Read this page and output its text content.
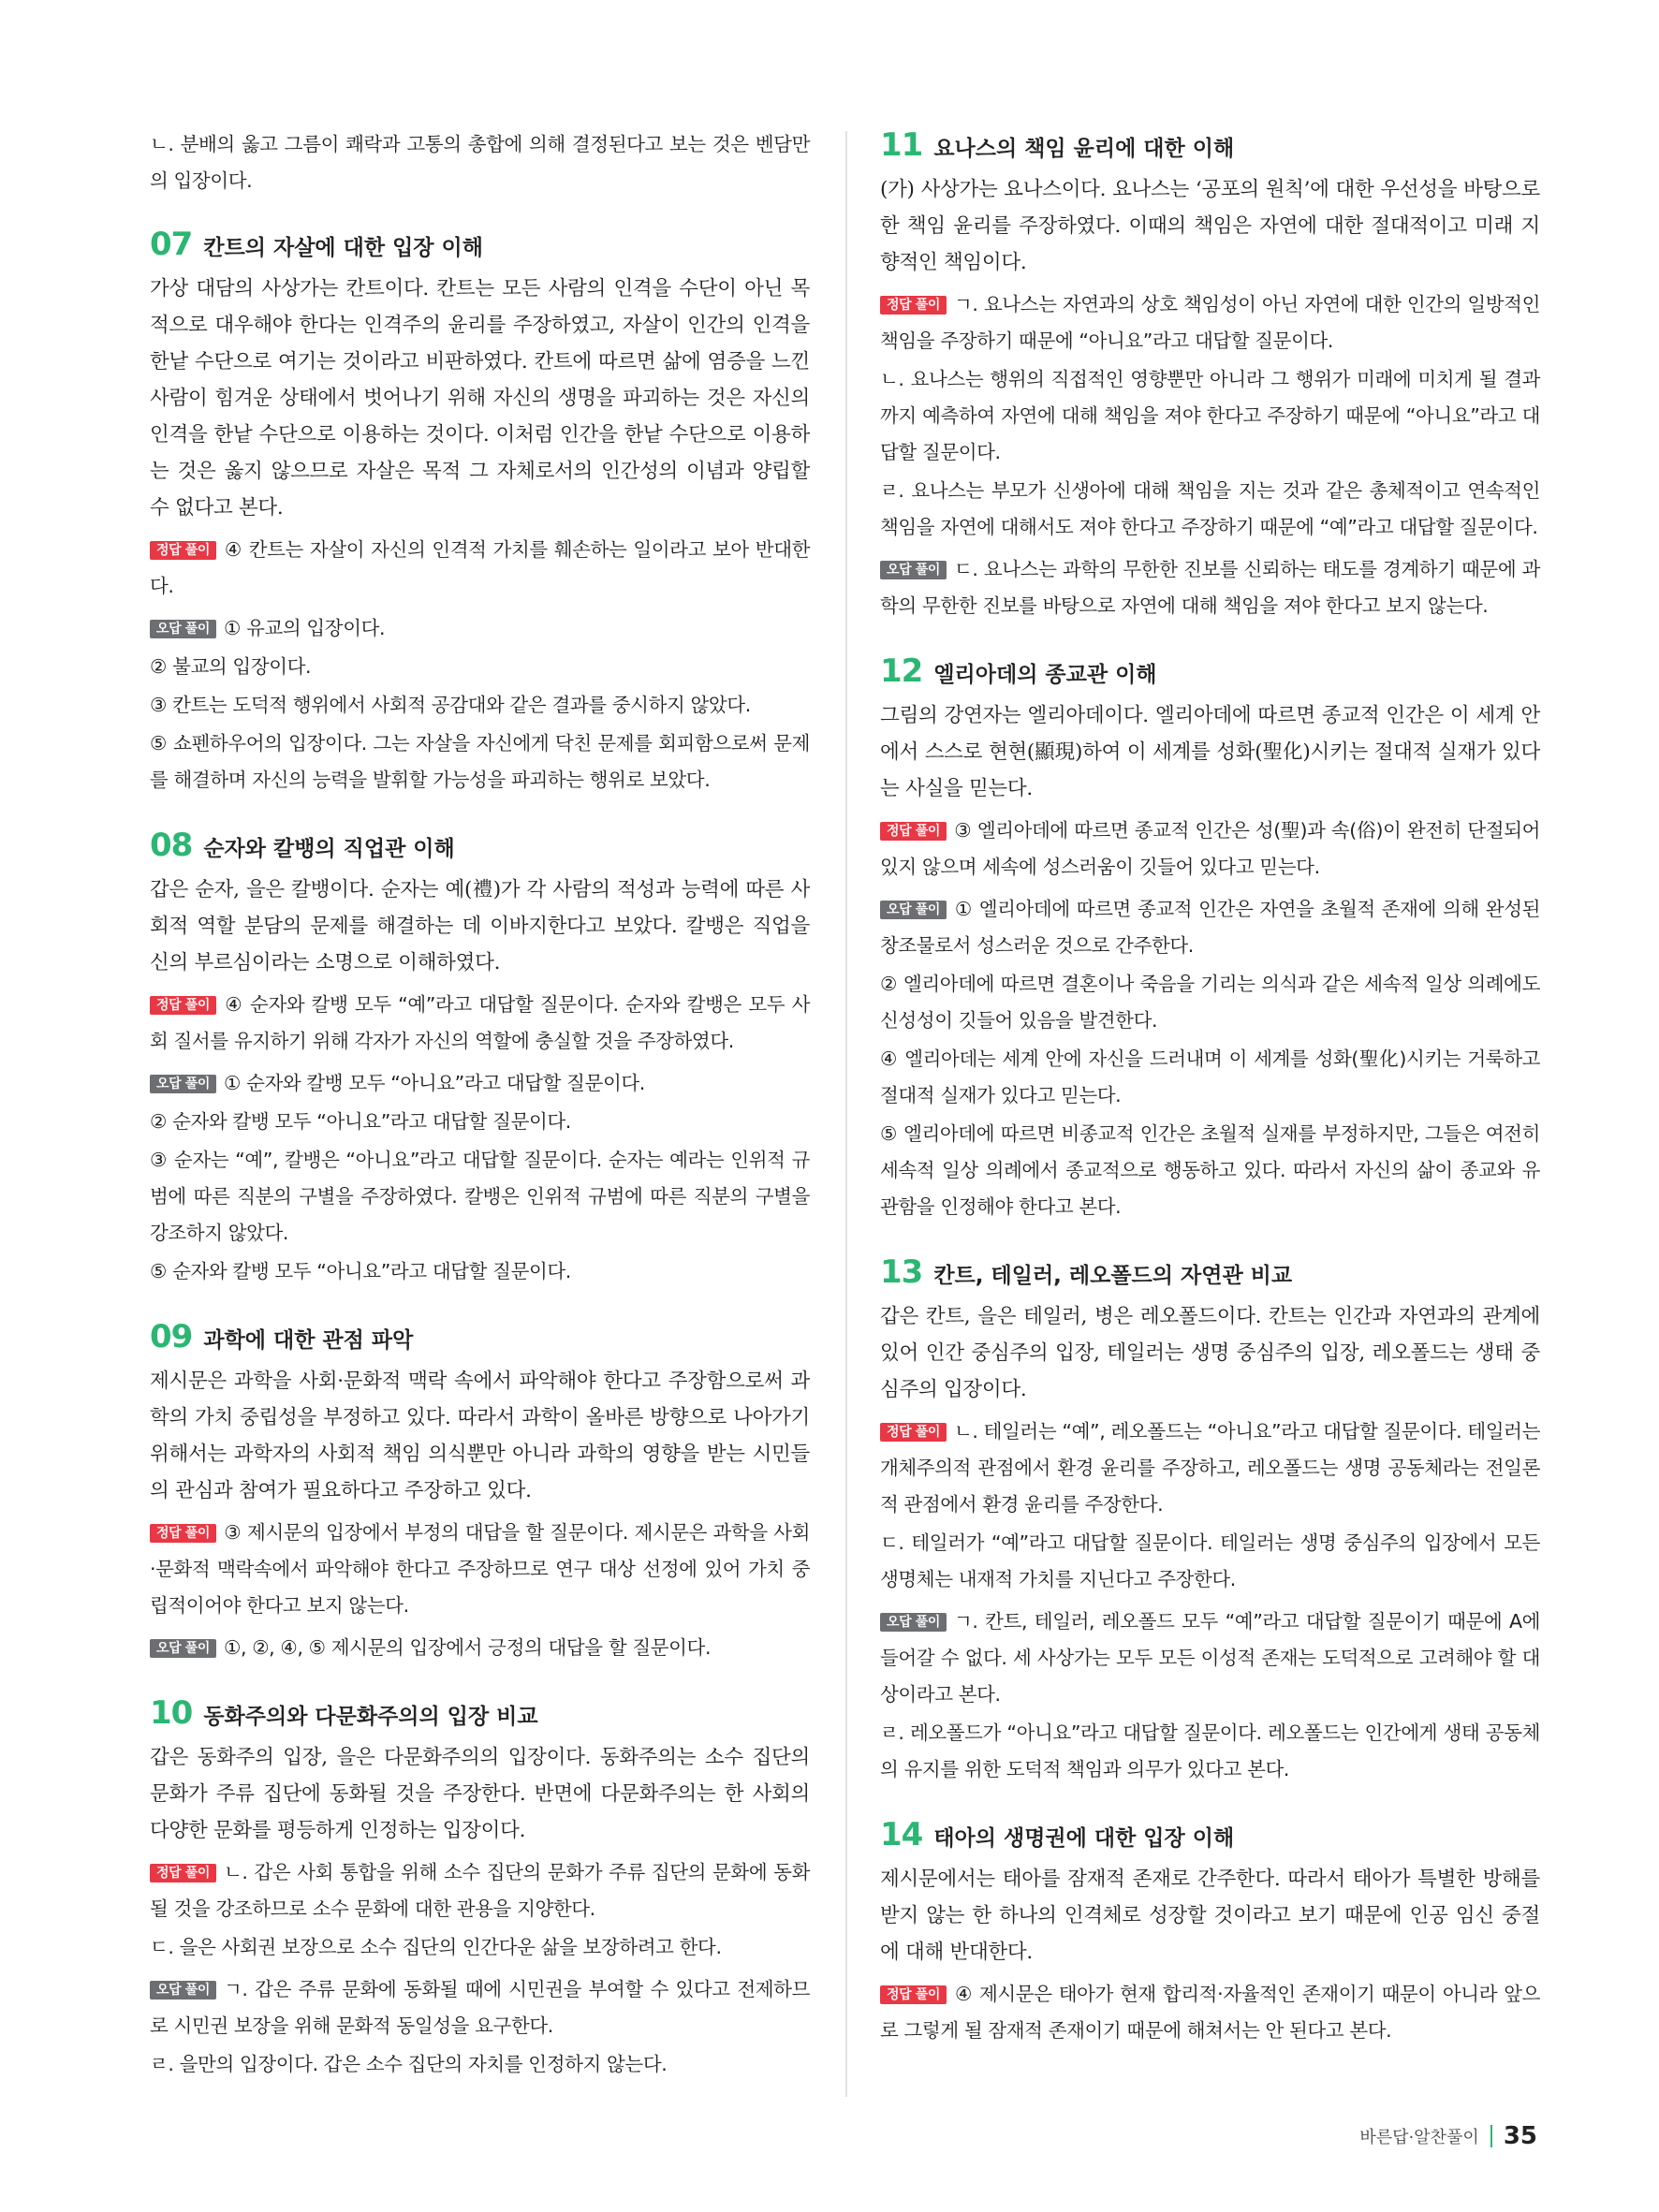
ㄴ. 분배의 옳고 그름이 쾌락과 고통의 총합에 의해 결정된다고 보는 것은 벤담만의 입장이다.

07 칸트의 자살에 대한 입장 이해

가상 대담의 사상가는 칸트이다. 칸트는 모든 사람의 인격을 수단이 아닌 목적으로 대우해야 한다는 인격주의 윤리를 주장하였고, 자살이 인간의 인격을 한낱 수단으로 여기는 것이라고 비판하였다. 칸트에 따르면 삶에 염증을 느낀 사람이 힘겨운 상태에서 벗어나기 위해 자신의 생명을 파괴하는 것은 자신의 인격을 한낱 수단으로 이용하는 것이다. 이처럼 인간을 한낱 수단으로 이용하는 것은 옳지 않으므로 자살은 목적 그 자체로서의 인간성의 이념과 양립할 수 없다고 본다.

정답 풀이 ④ 칸트는 자살이 자신의 인격적 가치를 훼손하는 일이라고 보아 반대한다.

오답 풀이 ① 유교의 입장이다.

② 불교의 입장이다.

③ 칸트는 도덕적 행위에서 사회적 공감대와 같은 결과를 중시하지 않았다.

⑤ 쇼펜하우어의 입장이다. 그는 자살을 자신에게 닥친 문제를 회피함으로써 문제를 해결하며 자신의 능력을 발휘할 가능성을 파괴하는 행위로 보았다.

08 순자와 칼뱅의 직업관 이해

갑은 순자, 을은 칼뱅이다. 순자는 예(禮)가 각 사람의 적성과 능력에 따른 사회적 역할 분담의 문제를 해결하는 데 이바지한다고 보았다. 칼뱅은 직업을 신의 부르심이라는 소명으로 이해하였다.

정답 풀이 ④ 순자와 칼뱅 모두 “예”라고 대답할 질문이다. 순자와 칼뱅은 모두 사회 질서를 유지하기 위해 각자가 자신의 역할에 충실할 것을 주장하였다.

오답 풀이 ① 순자와 칼뱅 모두 “아니요”라고 대답할 질문이다.

② 순자와 칼뱅 모두 “아니요”라고 대답할 질문이다.

③ 순자는 “예”, 칼뱅은 “아니요”라고 대답할 질문이다. 순자는 예라는 인위적 규범에 따른 직분의 구별을 주장하였다. 칼뱅은 인위적 규범에 따른 직분의 구별을 강조하지 않았다.

⑤ 순자와 칼뱅 모두 “아니요”라고 대답할 질문이다.

09 과학에 대한 관점 파악

제시문은 과학을 사회·문화적 맥락 속에서 파악해야 한다고 주장함으로써 과학의 가치 중립성을 부정하고 있다. 따라서 과학이 올바른 방향으로 나아가기 위해서는 과학자의 사회적 책임 의식뿐만 아니라 과학의 영향을 받는 시민들의 관심과 참여가 필요하다고 주장하고 있다.

정답 풀이 ③ 제시문의 입장에서 부정의 대답을 할 질문이다. 제시문은 과학을 사회·문화적 맥락속에서 파악해야 한다고 주장하므로 연구 대상 선정에 있어 가치 중립적이어야 한다고 보지 않는다.

오답 풀이 ①, ②, ④, ⑤ 제시문의 입장에서 긍정의 대답을 할 질문이다.

10 동화주의와 다문화주의의 입장 비교

갑은 동화주의 입장, 을은 다문화주의의 입장이다. 동화주의는 소수 집단의 문화가 주류 집단에 동화될 것을 주장한다. 반면에 다문화주의는 한 사회의 다양한 문화를 평등하게 인정하는 입장이다.

정답 풀이 ㄴ. 갑은 사회 통합을 위해 소수 집단의 문화가 주류 집단의 문화에 동화될 것을 강조하므로 소수 문화에 대한 관용을 지양한다.

ㄷ. 을은 사회권 보장으로 소수 집단의 인간다운 삶을 보장하려고 한다.

오답 풀이 ㄱ. 갑은 주류 문화에 동화될 때에 시민권을 부여할 수 있다고 전제하므로 시민권 보장을 위해 문화적 동일성을 요구한다.

ㄹ. 을만의 입장이다. 갑은 소수 집단의 자치를 인정하지 않는다.

11 요나스의 책임 윤리에 대한 이해

(가) 사상가는 요나스이다. 요나스는 ‘공포의 원칙’에 대한 우선성을 바탕으로 한 책임 윤리를 주장하였다. 이때의 책임은 자연에 대한 절대적이고 미래 지향적인 책임이다.

정답 풀이 ㄱ. 요나스는 자연과의 상호 책임성이 아닌 자연에 대한 인간의 일방적인 책임을 주장하기 때문에 “아니요”라고 대답할 질문이다.

ㄴ. 요나스는 행위의 직접적인 영향뿐만 아니라 그 행위가 미래에 미치게 될 결과까지 예측하여 자연에 대해 책임을 져야 한다고 주장하기 때문에 “아니요”라고 대답할 질문이다.

ㄹ. 요나스는 부모가 신생아에 대해 책임을 지는 것과 같은 총체적이고 연속적인 책임을 자연에 대해서도 져야 한다고 주장하기 때문에 “예”라고 대답할 질문이다.

오답 풀이 ㄷ. 요나스는 과학의 무한한 진보를 신뢰하는 태도를 경계하기 때문에 과학의 무한한 진보를 바탕으로 자연에 대해 책임을 져야 한다고 보지 않는다.

12 엘리아데의 종교관 이해

그림의 강연자는 엘리아데이다. 엘리아데에 따르면 종교적 인간은 이 세계 안에서 스스로 현현(顯現)하여 이 세계를 성화(聖化)시키는 절대적 실재가 있다는 사실을 믿는다.

정답 풀이 ③ 엘리아데에 따르면 종교적 인간은 성(聖)과 속(俗)이 완전히 단절되어 있지 않으며 세속에 성스러움이 깃들어 있다고 믿는다.

오답 풀이 ① 엘리아데에 따르면 종교적 인간은 자연을 초월적 존재에 의해 완성된 창조물로서 성스러운 것으로 간주한다.

② 엘리아데에 따르면 결혼이나 죽음을 기리는 의식과 같은 세속적 일상 의례에도 신성성이 깃들어 있음을 발견한다.

④ 엘리아데는 세계 안에 자신을 드러내며 이 세계를 성화(聖化)시키는 거룩하고 절대적 실재가 있다고 믿는다.

⑤ 엘리아데에 따르면 비종교적 인간은 초월적 실재를 부정하지만, 그들은 여전히 세속적 일상 의례에서 종교적으로 행동하고 있다. 따라서 자신의 삶이 종교와 유관함을 인정해야 한다고 본다.

13 칸트, 테일러, 레오폴드의 자연관 비교

갑은 칸트, 을은 테일러, 병은 레오폴드이다. 칸트는 인간과 자연과의 관계에 있어 인간 중심주의 입장, 테일러는 생명 중심주의 입장, 레오폴드는 생태 중심주의 입장이다.

정답 풀이 ㄴ. 테일러는 “예”, 레오폴드는 “아니요”라고 대답할 질문이다. 테일러는 개체주의적 관점에서 환경 윤리를 주장하고, 레오폴드는 생명 공동체라는 전일론적 관점에서 환경 윤리를 주장한다.

ㄷ. 테일러가 “예”라고 대답할 질문이다. 테일러는 생명 중심주의 입장에서 모든 생명체는 내재적 가치를 지닌다고 주장한다.

오답 풀이 ㄱ. 칸트, 테일러, 레오폴드 모두 “예”라고 대답할 질문이기 때문에 A에 들어갈 수 없다. 세 사상가는 모두 모든 이성적 존재는 도덕적으로 고려해야 할 대상이라고 본다.

ㄹ. 레오폴드가 “아니요”라고 대답할 질문이다. 레오폴드는 인간에게 생태 공동체의 유지를 위한 도덕적 책임과 의무가 있다고 본다.

14 태아의 생명권에 대한 입장 이해

제시문에서는 태아를 잠재적 존재로 간주한다. 따라서 태아가 특별한 방해를 받지 않는 한 하나의 인격체로 성장할 것이라고 보기 때문에 인공 임신 중절에 대해 반대한다.

정답 풀이 ④ 제시문은 태아가 현재 합리적·자율적인 존재이기 때문이 아니라 앞으로 그렇게 될 잠재적 존재이기 때문에 해쳐서는 안 된다고 본다.

바른답·알찬풀이 35
